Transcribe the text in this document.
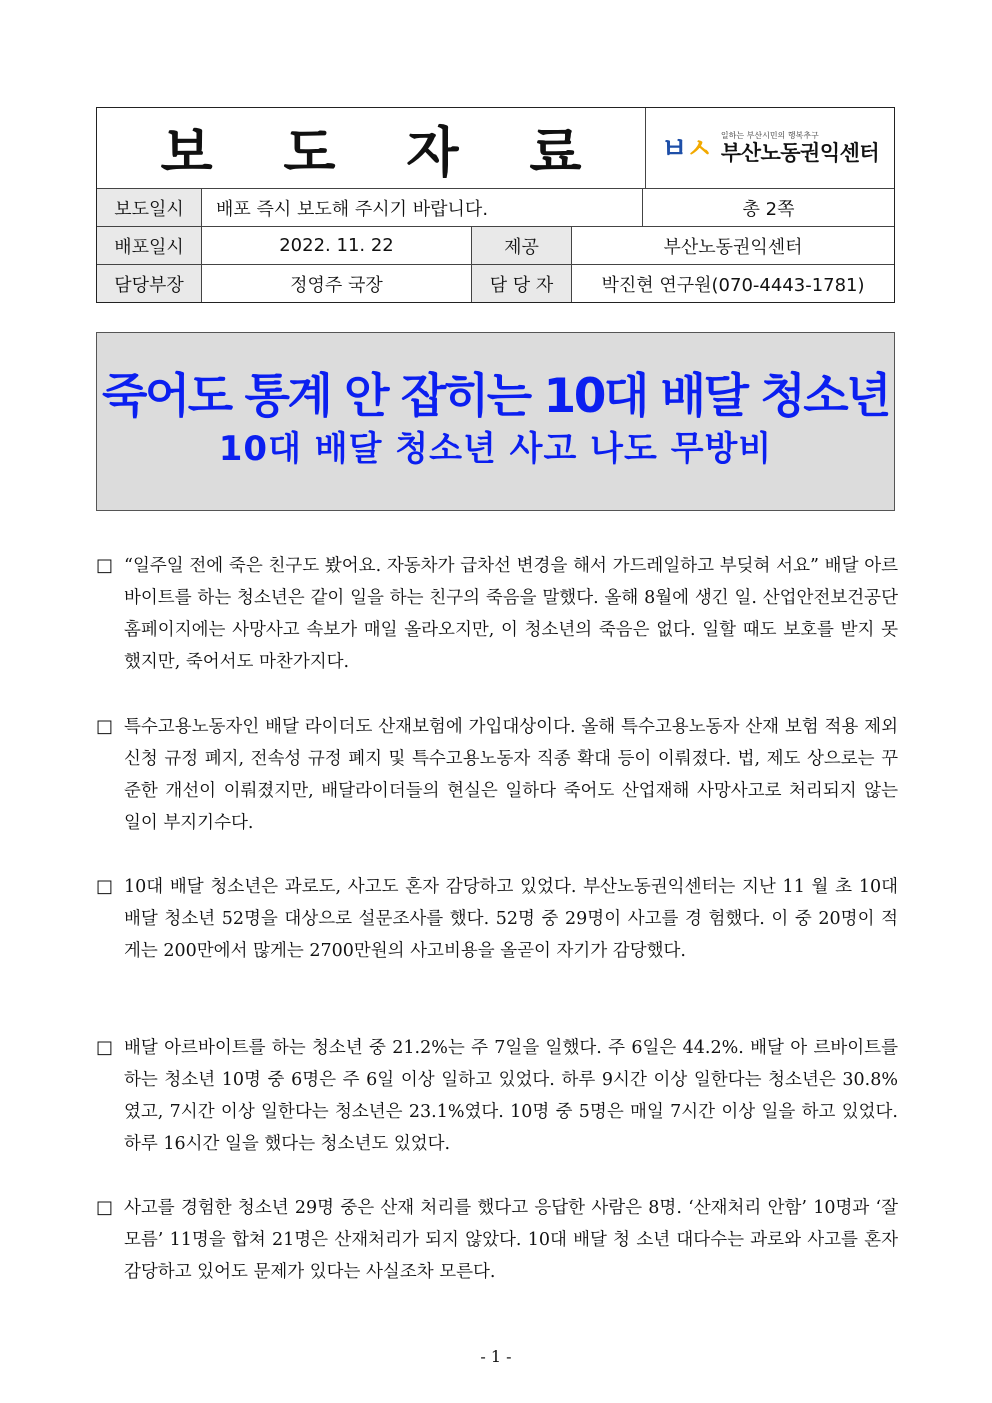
보 도 자 료	ㅂ
ㅅ 일하는 부산시민의 행복추구
부산노동권익센터
보도일시	배포 즉시 보도해 주시기 바랍니다.	총 2쪽
배포일시	2022. 11. 22	제공	부산노동권익센터
담당부장	정영주 국장	담 당 자	박진현 연구원(070-4443-1781)
죽어도 통계 안 잡히는 10대 배달 청소년
10대 배달 청소년 사고 나도 무방비
□ “일주일 전에 죽은 친구도 봤어요. 자동차가 급차선 변경을 해서 가드레일하고 부딪혀 서요” 배달 아르바이트를 하는 청소년은 같이 일을 하는 친구의 죽음을 말했다. 올해 8월에 생긴 일. 산업안전보건공단 홈페이지에는 사망사고 속보가 매일 올라오지만, 이 청소년의 죽음은 없다. 일할 때도 보호를 받지 못했지만, 죽어서도 마찬가지다.
□ 특수고용노동자인 배달 라이더도 산재보험에 가입대상이다. 올해 특수고용노동자 산재 보험 적용 제외 신청 규정 폐지, 전속성 규정 폐지 및 특수고용노동자 직종 확대 등이 이뤄졌다. 법, 제도 상으로는 꾸준한 개선이 이뤄졌지만, 배달라이더들의 현실은 일하다 죽어도 산업재해 사망사고로 처리되지 않는 일이 부지기수다.
□ 10대 배달 청소년은 과로도, 사고도 혼자 감당하고 있었다. 부산노동권익센터는 지난 11 월 초 10대 배달 청소년 52명을 대상으로 설문조사를 했다. 52명 중 29명이 사고를 경 험했다. 이 중 20명이 적게는 200만에서 많게는 2700만원의 사고비용을 올곧이 자기가 감당했다.
□ 배달 아르바이트를 하는 청소년 중 21.2%는 주 7일을 일했다. 주 6일은 44.2%. 배달 아 르바이트를 하는 청소년 10명 중 6명은 주 6일 이상 일하고 있었다. 하루 9시간 이상 일한다는 청소년은 30.8%였고, 7시간 이상 일한다는 청소년은 23.1%였다. 10명 중 5명은 매일 7시간 이상 일을 하고 있었다. 하루 16시간 일을 했다는 청소년도 있었다.
□ 사고를 경험한 청소년 29명 중은 산재 처리를 했다고 응답한 사람은 8명. ‘산재처리 안함’ 10명과 ‘잘모름’ 11명을 합쳐 21명은 산재처리가 되지 않았다. 10대 배달 청 소년 대다수는 과로와 사고를 혼자 감당하고 있어도 문제가 있다는 사실조차 모른다.
- 1 -
